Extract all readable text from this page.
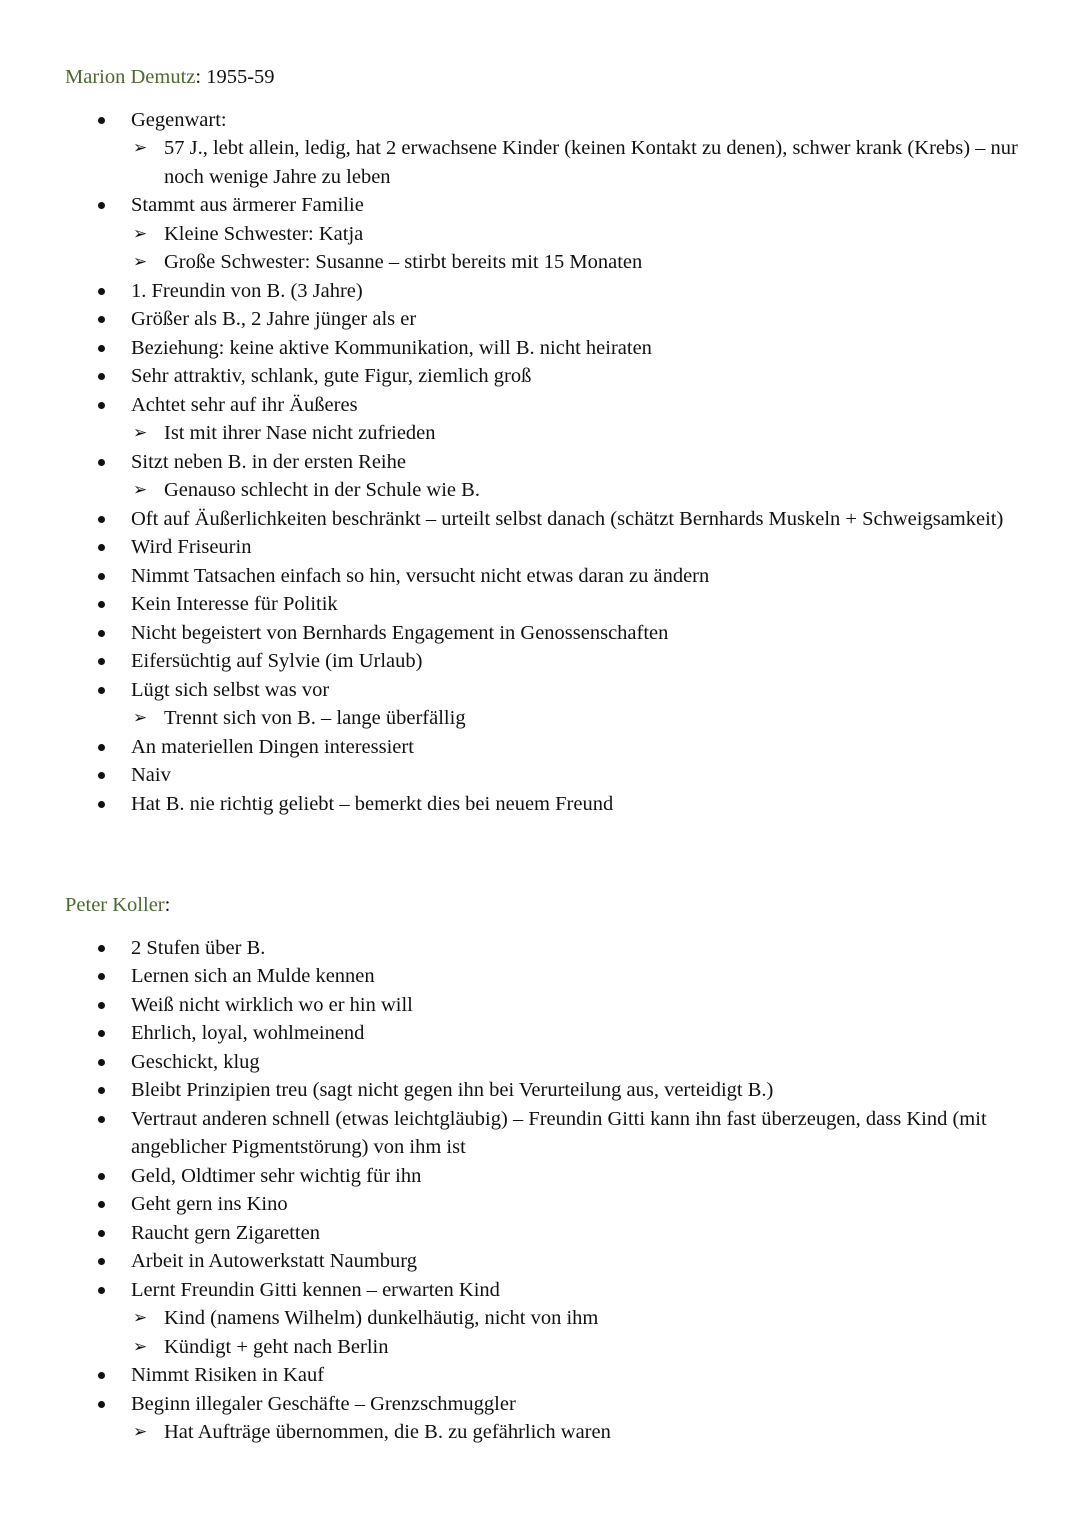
Marion Demutz: 1955-59

Gegenwart:
➢ 57 J., lebt allein, ledig, hat 2 erwachsene Kinder (keinen Kontakt zu denen), schwer krank (Krebs) – nur noch wenige Jahre zu leben
Stammt aus ärmerer Familie
➢ Kleine Schwester: Katja
➢ Große Schwester: Susanne – stirbt bereits mit 15 Monaten
1. Freundin von B. (3 Jahre)
Größer als B., 2 Jahre jünger als er
Beziehung: keine aktive Kommunikation, will B. nicht heiraten
Sehr attraktiv, schlank, gute Figur, ziemlich groß
Achtet sehr auf ihr Äußeres
➢ Ist mit ihrer Nase nicht zufrieden
Sitzt neben B. in der ersten Reihe
➢ Genauso schlecht in der Schule wie B.
Oft auf Äußerlichkeiten beschränkt – urteilt selbst danach (schätzt Bernhards Muskeln + Schweigsamkeit)
Wird Friseurin
Nimmt Tatsachen einfach so hin, versucht nicht etwas daran zu ändern
Kein Interesse für Politik
Nicht begeistert von Bernhards Engagement in Genossenschaften
Eifersüchtig auf Sylvie (im Urlaub)
Lügt sich selbst was vor
➢ Trennt sich von B. – lange überfällig
An materiellen Dingen interessiert
Naiv
Hat B. nie richtig geliebt – bemerkt dies bei neuem Freund

Peter Koller:

2 Stufen über B.
Lernen sich an Mulde kennen
Weiß nicht wirklich wo er hin will
Ehrlich, loyal, wohlmeinend
Geschickt, klug
Bleibt Prinzipien treu (sagt nicht gegen ihn bei Verurteilung aus, verteidigt B.)
Vertraut anderen schnell (etwas leichtgläubig) – Freundin Gitti kann ihn fast überzeugen, dass Kind (mit angeblicher Pigmentstörung) von ihm ist
Geld, Oldtimer sehr wichtig für ihn
Geht gern ins Kino
Raucht gern Zigaretten
Arbeit in Autowerkstatt Naumburg
Lernt Freundin Gitti kennen – erwarten Kind
➢ Kind (namens Wilhelm) dunkelhäutig, nicht von ihm
➢ Kündigt + geht nach Berlin
Nimmt Risiken in Kauf
Beginn illegaler Geschäfte – Grenzschmuggler
➢ Hat Aufträge übernommen, die B. zu gefährlich waren
